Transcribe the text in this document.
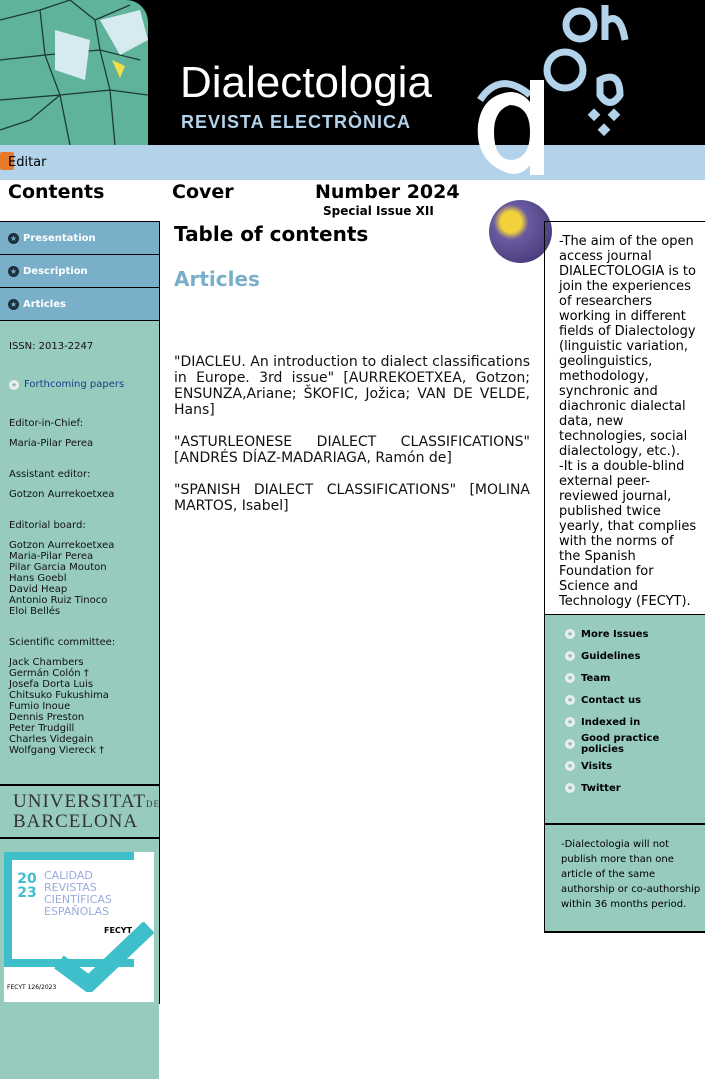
Dialectologia
REVISTA ELECTRÒNICA
Editar
Contents	Cover	Number 2024
Special Issue XII
★ Presentation
★ Description
★ Articles

ISSN: 2013-2247

★ Forthcoming papers

Editor-in-Chief:

Maria-Pilar Perea

Assistant editor:

Gotzon Aurrekoetxea

Editorial board:

Gotzon Aurrekoetxea
Maria-Pilar Perea
Pilar Garcia Mouton
Hans Goebl
David Heap
Antonio Ruiz Tinoco
Eloi Bellés

Scientific committee:

Jack Chambers
Germán Colón †
Josefa Dorta Luis
Chitsuko Fukushima
Fumio Inoue
Dennis Preston
Peter Trudgill
Charles Videgain
Wolfgang Viereck †
UNIVERSITATDE
BARCELONA
2023
CALIDAD
REVISTAS
CIENTÍFICAS
ESPAÑOLAS
FECYT
FECYT 126/2023
Table of contents
Articles

"DIACLEU. An introduction to dialect classifications in Europe. 3rd issue" [AURREKOETXEA, Gotzon; ENSUNZA,Ariane; ŠKOFIC, Jožica; VAN DE VELDE, Hans]

"ASTURLEONESE DIALECT CLASSIFICATIONS" [ANDRÉS DÍAZ-MADARIAGA, Ramón de]

"SPANISH DIALECT CLASSIFICATIONS" [MOLINA MARTOS, Isabel]

-The aim of the open access journal DIALECTOLOGIA is to join the experiences of researchers working in different fields of Dialectology (linguistic variation, geolinguistics, methodology, synchronic and diachronic dialectal data, new technologies, social dialectology, etc.).

-It is a double-blind external peer-reviewed journal, published twice yearly, that complies with the norms of the Spanish Foundation for Science and Technology (FECYT).

★ More Issues
★ Guidelines
★ Team
★ Contact us
★ Indexed in
★ Good practice policies
★ Visits
★ Twitter
-Dialectologia will not publish more than one article of the same authorship or co-authorship within 36 months period.
